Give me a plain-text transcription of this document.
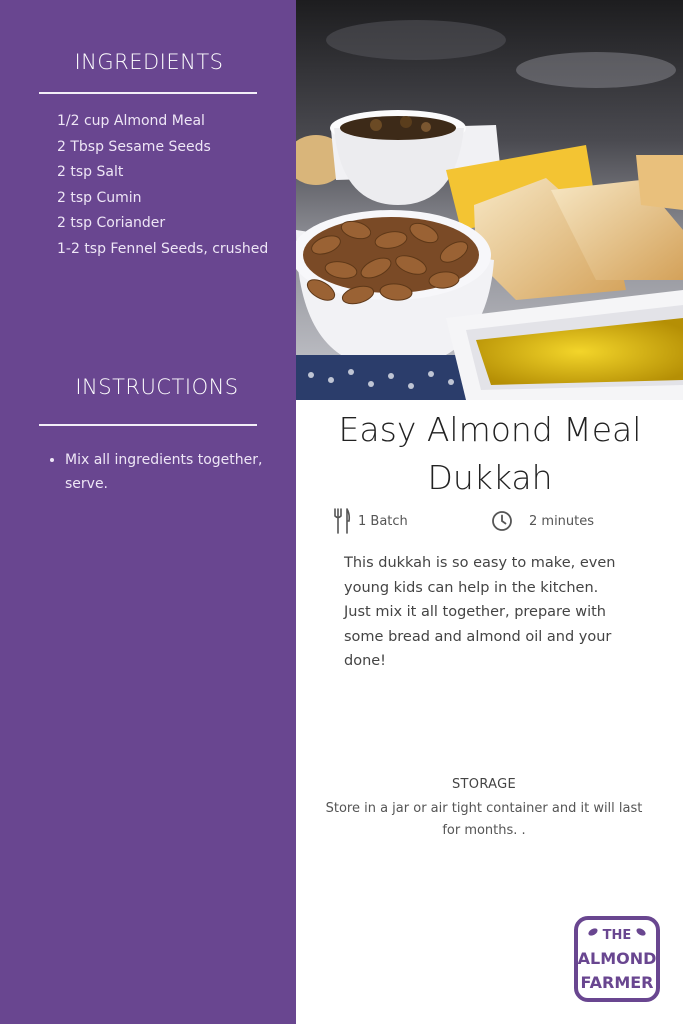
INGREDIENTS
1/2 cup Almond Meal
2 Tbsp Sesame Seeds
2 tsp Salt
2 tsp Cumin
2 tsp Coriander
1-2 tsp Fennel Seeds, crushed
INSTRUCTIONS
• Mix all ingredients together, serve.
Easy Almond Meal
Dukkah
1 Batch	2 minutes
This dukkah is so easy to make, even young kids can help in the kitchen. Just mix it all together, prepare with some bread and almond oil and your done!
STORAGE
Store in a jar or air tight container and it will last for months. .
THE
ALMOND
FARMER
